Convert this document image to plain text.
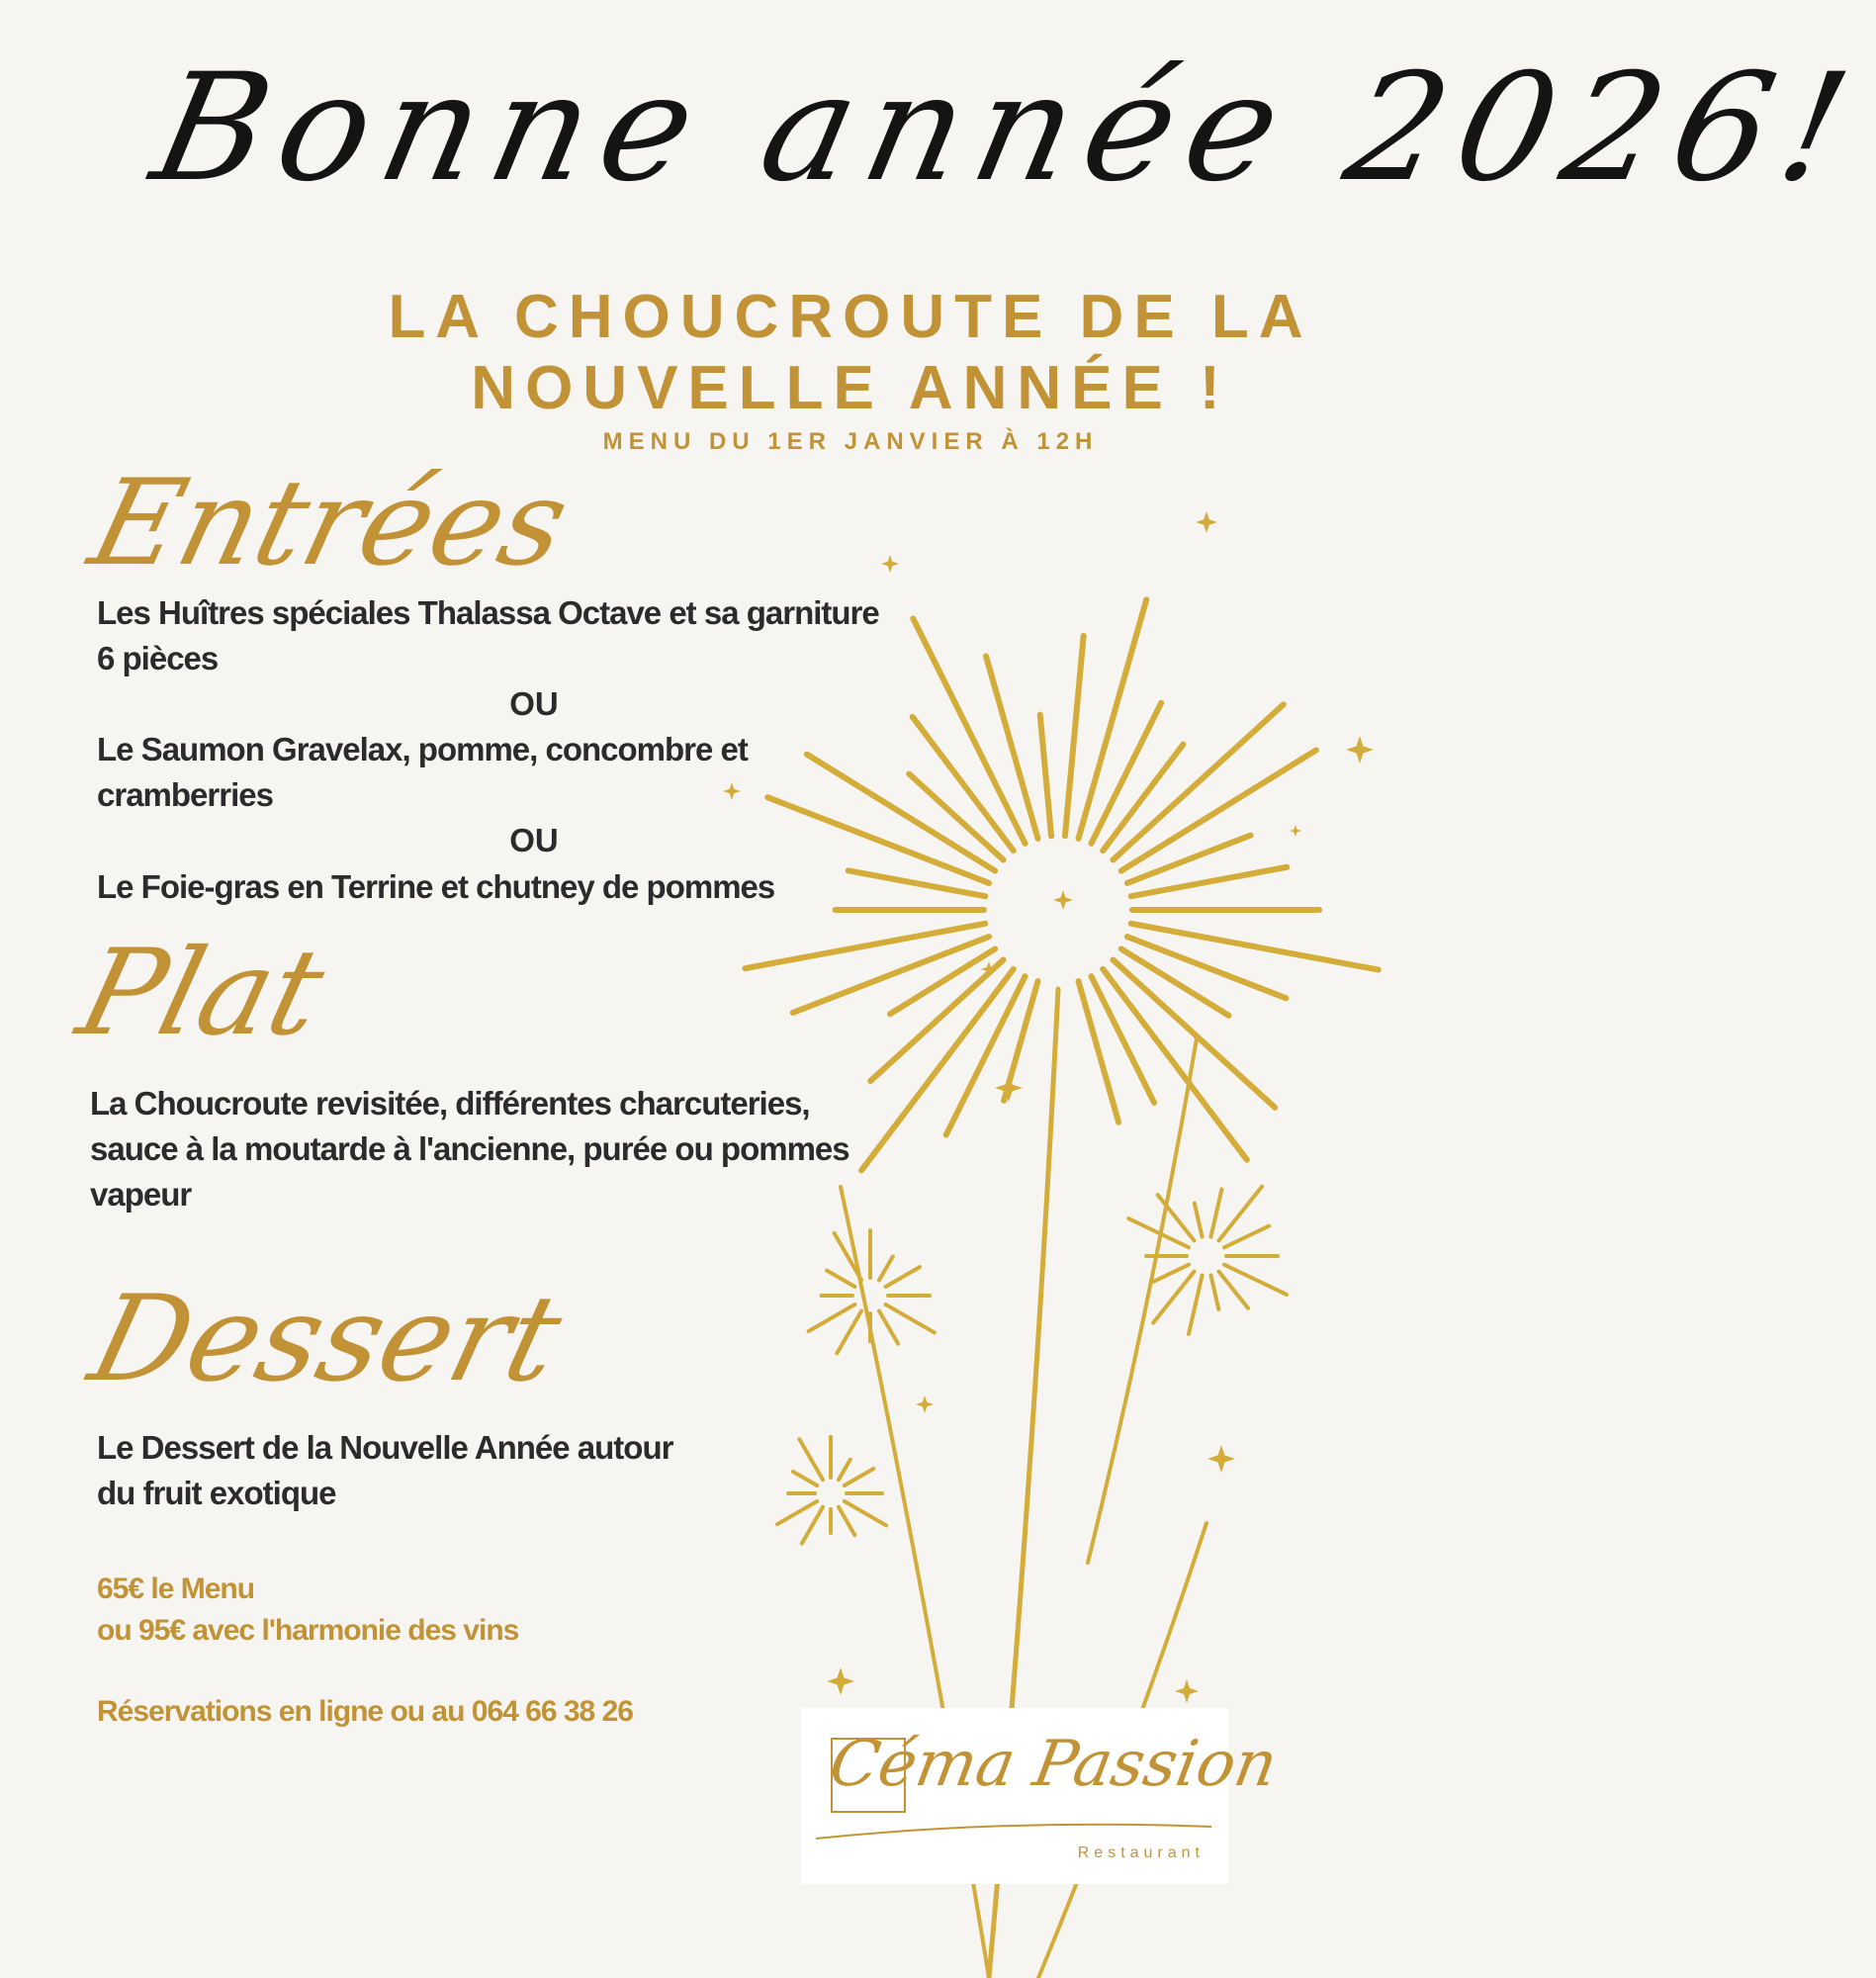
Bonne année 2026!
LA CHOUCROUTE DE LA
NOUVELLE ANNÉE !
MENU DU 1ER JANVIER À 12H
Entrées
Les Huîtres spéciales Thalassa Octave et sa garniture
6 pièces
OU
Le Saumon Gravelax, pomme, concombre et
cramberries
OU
Le Foie-gras en Terrine et chutney de pommes
Plat
La Choucroute revisitée, différentes charcuteries,
sauce à la moutarde à l'ancienne, purée ou pommes
vapeur
Dessert
Le Dessert de la Nouvelle Année autour
du fruit exotique
65€ le Menu
ou 95€ avec l'harmonie des vins
Réservations en ligne ou au 064 66 38 26
Céma Passion
Restaurant
